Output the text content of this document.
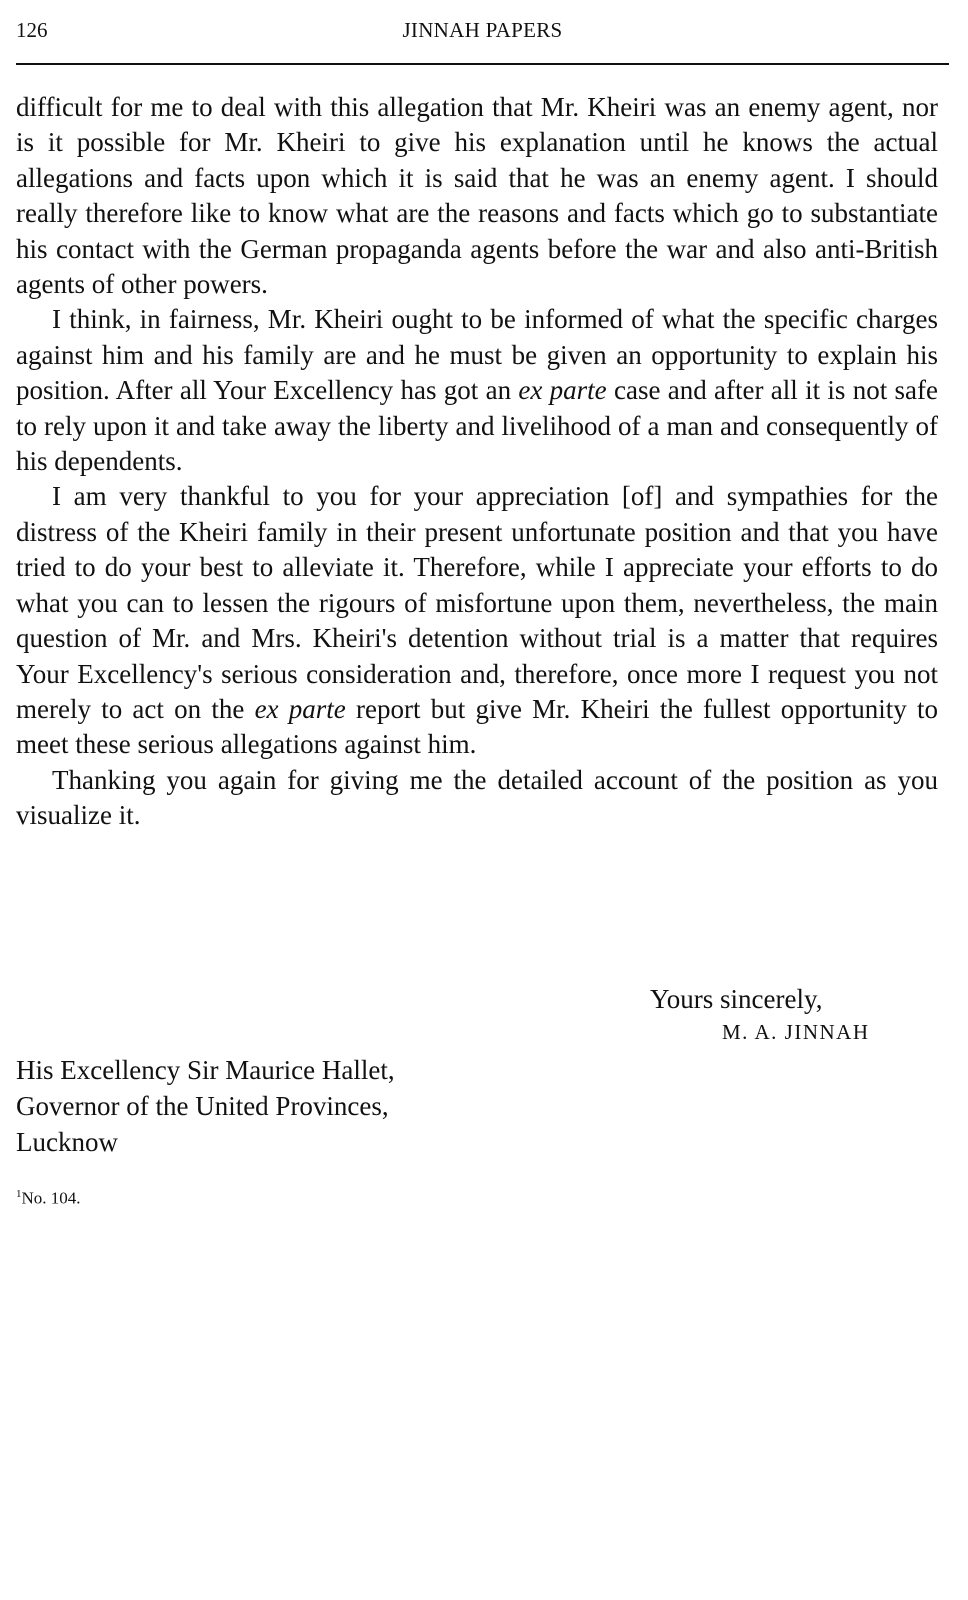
126	JINNAH PAPERS

difficult for me to deal with this allegation that Mr. Kheiri was an enemy agent, nor is it possible for Mr. Kheiri to give his explanation until he knows the actual allegations and facts upon which it is said that he was an enemy agent. I should really therefore like to know what are the reasons and facts which go to substantiate his contact with the German propaganda agents before the war and also anti-British agents of other powers.

I think, in fairness, Mr. Kheiri ought to be informed of what the specific charges against him and his family are and he must be given an opportunity to explain his position. After all Your Excellency has got an ex parte case and after all it is not safe to rely upon it and take away the liberty and livelihood of a man and consequently of his dependents.

I am very thankful to you for your appreciation [of] and sympathies for the distress of the Kheiri family in their present unfortunate position and that you have tried to do your best to alleviate it. Therefore, while I appreciate your efforts to do what you can to lessen the rigours of misfortune upon them, nevertheless, the main question of Mr. and Mrs. Kheiri's detention without trial is a matter that requires Your Excellency's serious consideration and, therefore, once more I request you not merely to act on the ex parte report but give Mr. Kheiri the fullest opportunity to meet these serious allegations against him.

Thanking you again for giving me the detailed account of the position as you visualize it.

Yours sincerely,
M. A. JINNAH
His Excellency Sir Maurice Hallet,
Governor of the United Provinces,
Lucknow
$^1$No. 104.
